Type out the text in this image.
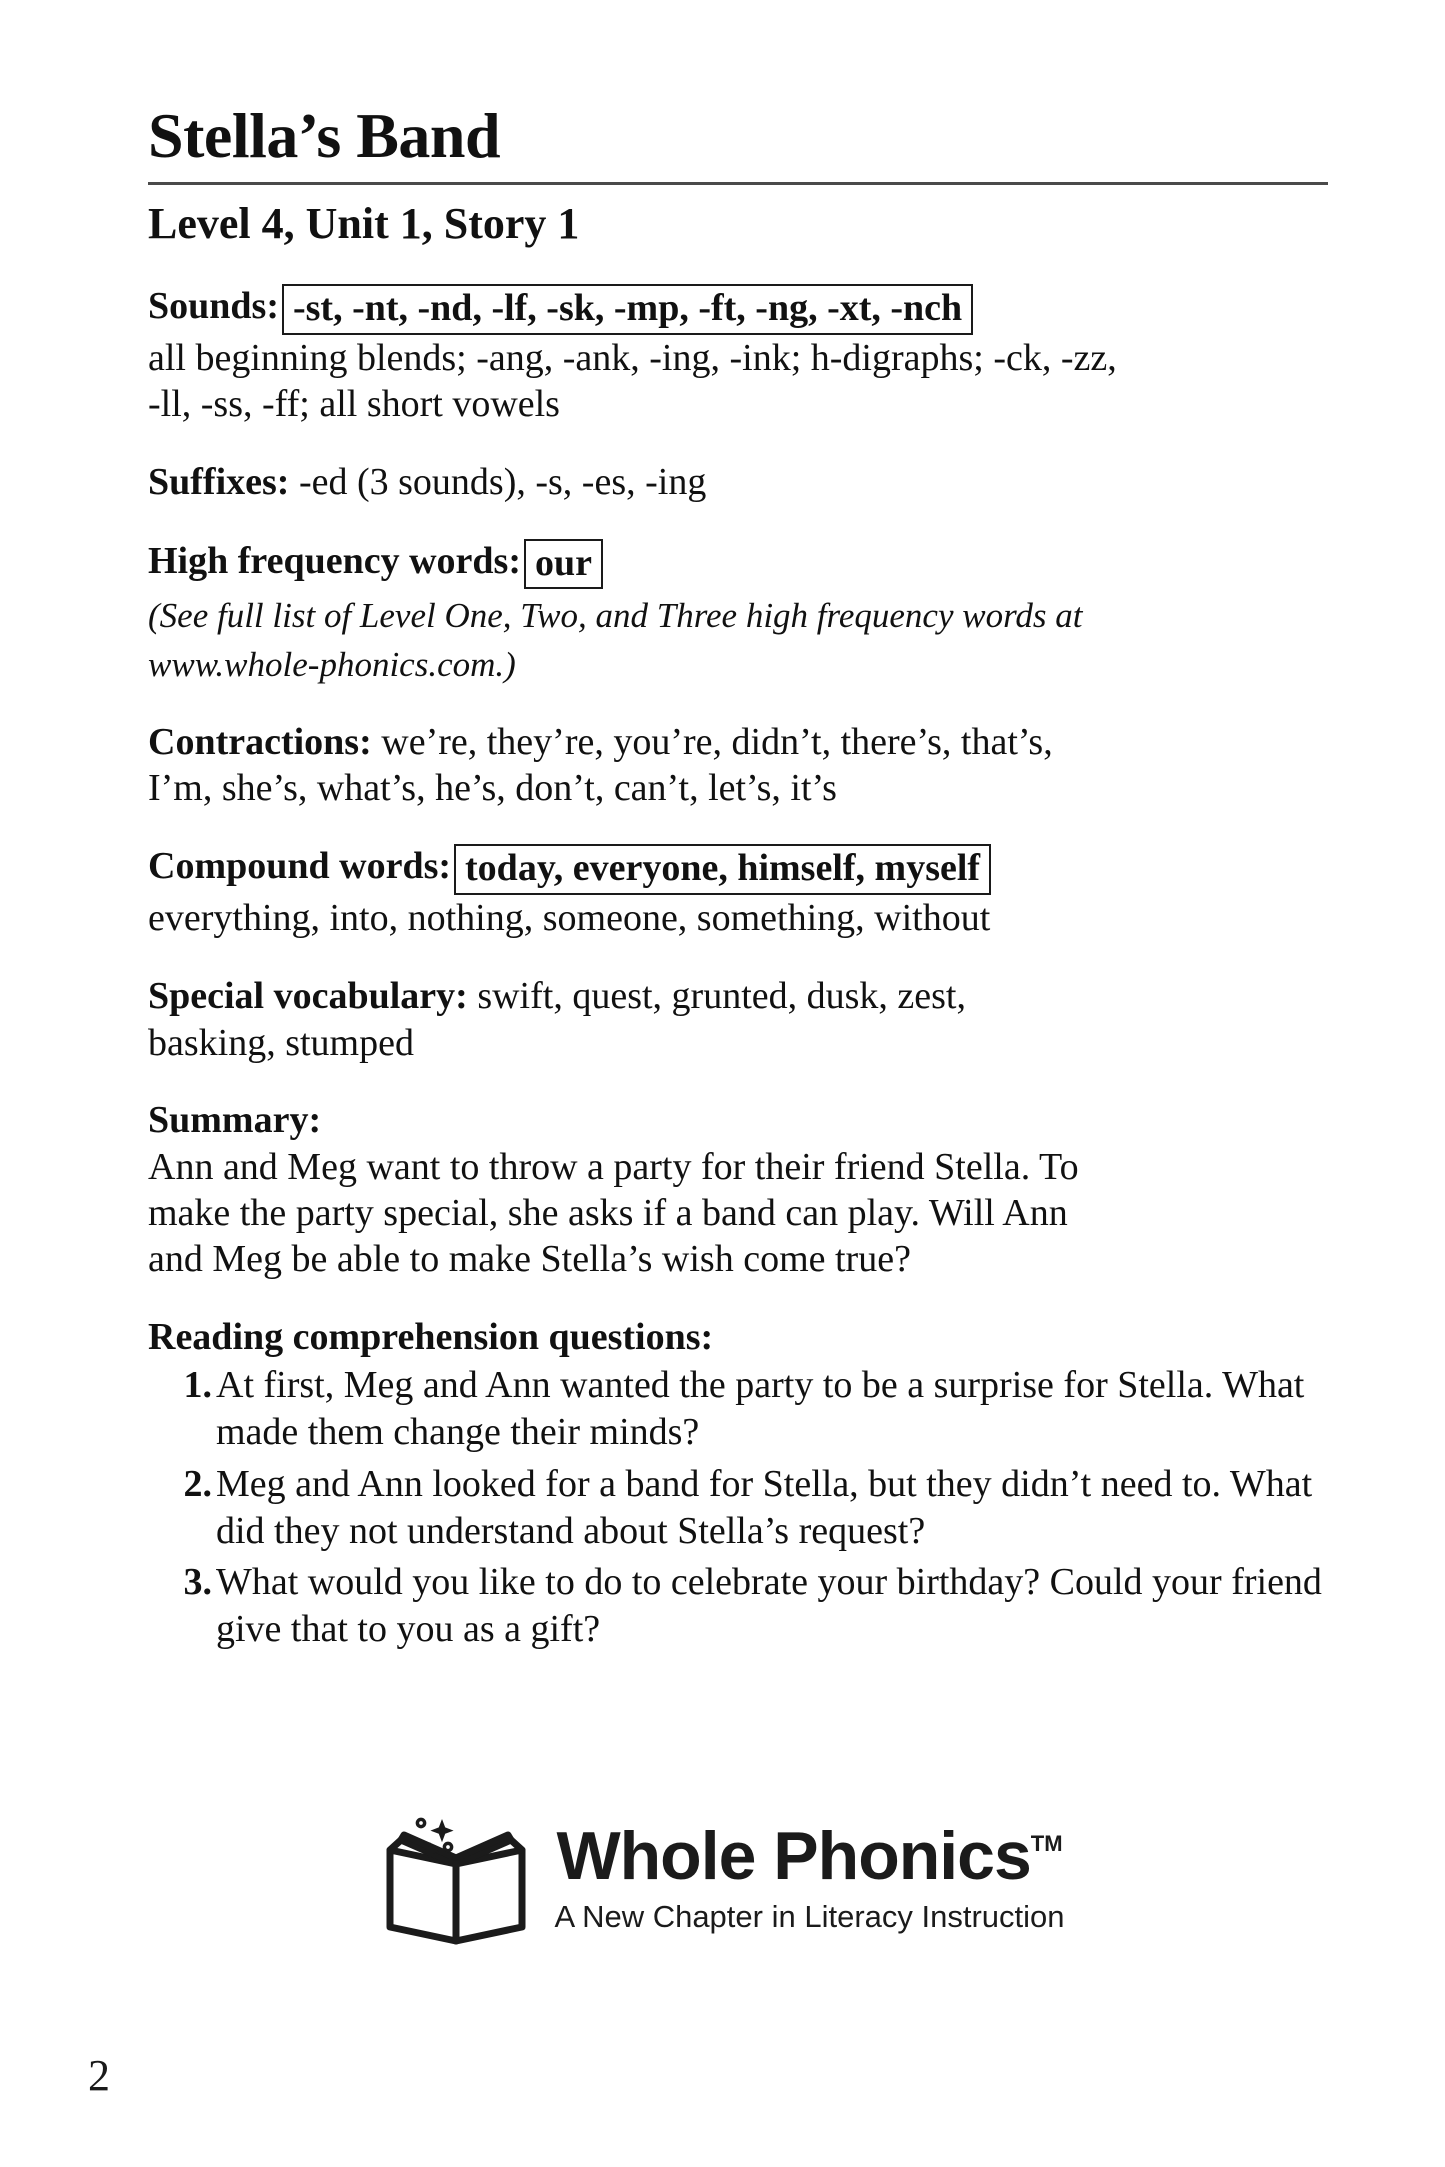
Stella’s Band
Level 4, Unit 1, Story 1
Sounds: -st, -nt, -nd, -lf, -sk, -mp, -ft, -ng, -xt, -nch
all beginning blends; -ang, -ank, -ing, -ink; h-digraphs; -ck, -zz,
-ll, -ss, -ff; all short vowels
Suffixes: -ed (3 sounds), -s, -es, -ing
High frequency words: our
(See full list of Level One, Two, and Three high frequency words at
www.whole-phonics.com.)
Contractions: we’re, they’re, you’re, didn’t, there’s, that’s,
I’m, she’s, what’s, he’s, don’t, can’t, let’s, it’s
Compound words: today, everyone, himself, myself
everything, into, nothing, someone, something, without
Special vocabulary: swift, quest, grunted, dusk, zest,
basking, stumped
Summary:
Ann and Meg want to throw a party for their friend Stella. To
make the party special, she asks if a band can play. Will Ann
and Meg be able to make Stella’s wish come true?
Reading comprehension questions:
At first, Meg and Ann wanted the party to be a surprise for Stella. What made them change their minds?
Meg and Ann looked for a band for Stella, but they didn’t need to. What did they not understand about Stella’s request?
What would you like to do to celebrate your birthday? Could your friend give that to you as a gift?
Whole Phonics™
A New Chapter in Literacy Instruction
2
